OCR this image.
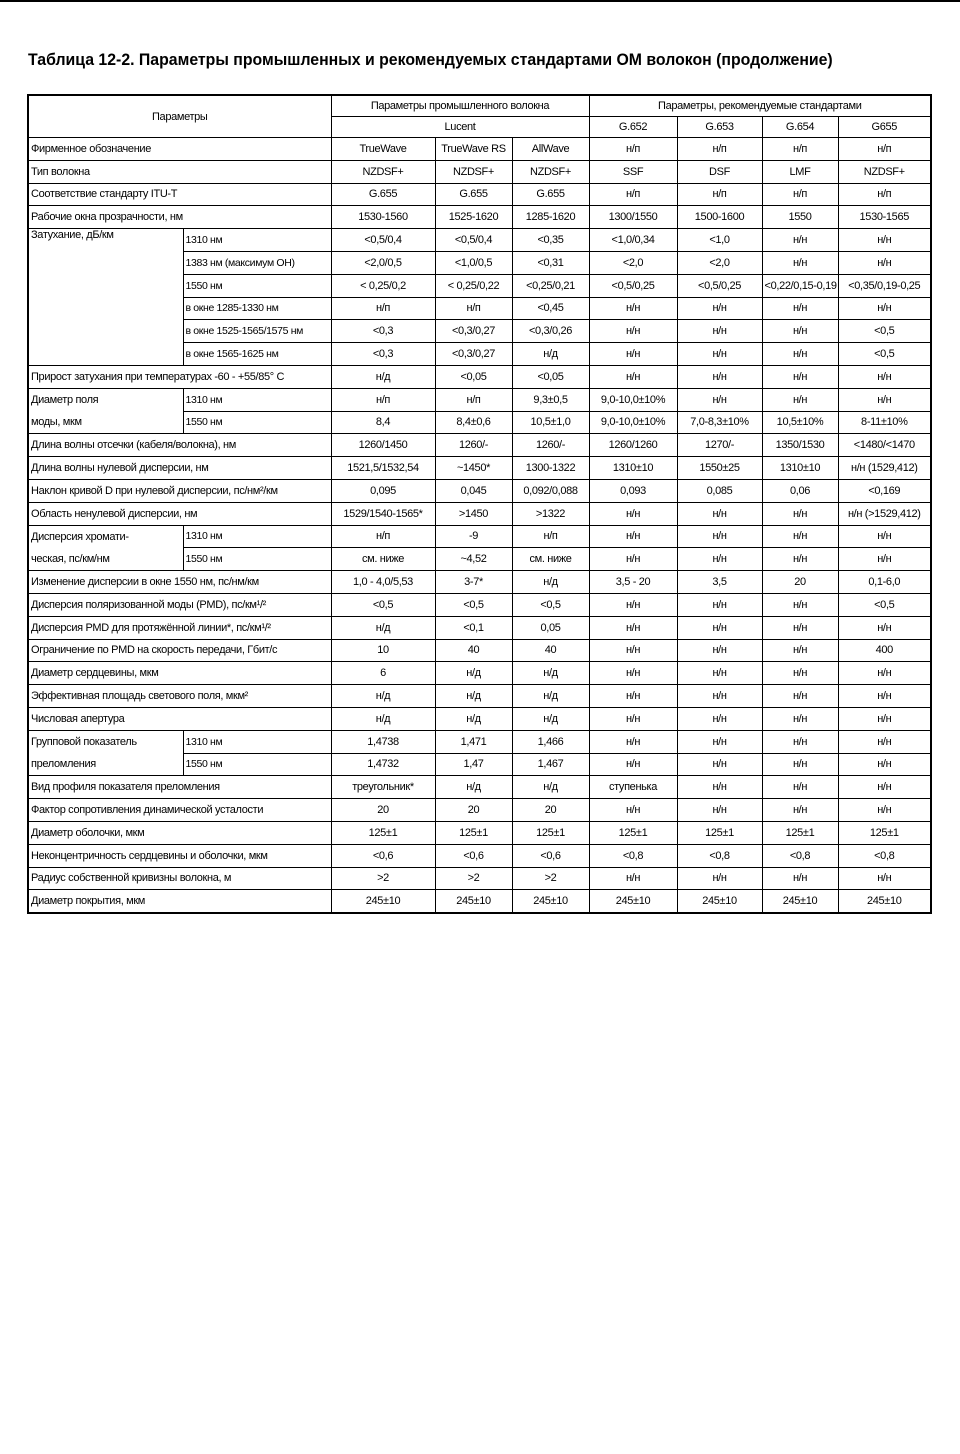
Таблица 12-2. Параметры промышленных и рекомендуемых стандартами ОМ волокон (продолжение)
Параметры		Параметры промышленного волокна			Параметры, рекомендуемые стандартами			
		Lucent			G.652	G.653	G.654	G655
Фирменное обозначение		TrueWave	TrueWave RS	AllWave	н/п	н/п	н/п	н/п
Тип волокна		NZDSF+	NZDSF+	NZDSF+	SSF	DSF	LMF	NZDSF+
Соответствие стандарту ITU-T		G.655	G.655	G.655	н/п	н/п	н/п	н/п
Рабочие окна прозрачности, нм		1530-1560	1525-1620	1285-1620	1300/1550	1500-1600	1550	1530-1565
Затухание, дБ/км	1310 нм	<0,5/0,4	<0,5/0,4	<0,35	<1,0/0,34	<1,0	н/н	н/н
	1383 нм (максимум OH)	<2,0/0,5	<1,0/0,5	<0,31	<2,0	<2,0	н/н	н/н
	1550 нм	< 0,25/0,2	< 0,25/0,22	<0,25/0,21	<0,5/0,25	<0,5/0,25	<0,22/0,15-0,19	<0,35/0,19-0,25
	в окне 1285-1330 нм	н/п	н/п	<0,45	н/н	н/н	н/н	н/н
	в окне 1525-1565/1575 нм	<0,3	<0,3/0,27	<0,3/0,26	н/н	н/н	н/н	<0,5
	в окне 1565-1625 нм	<0,3	<0,3/0,27	н/д	н/н	н/н	н/н	<0,5
Прирост затухания при температурах -60 - +55/85° C		н/д	<0,05	<0,05	н/н	н/н	н/н	н/н
Диаметр поля	1310 нм	н/п	н/п	9,3±0,5	9,0-10,0±10%	н/н	н/н	н/н
моды, мкм	1550 нм	8,4	8,4±0,6	10,5±1,0	9,0-10,0±10%	7,0-8,3±10%	10,5±10%	8-11±10%
Длина волны отсечки (кабеля/волокна), нм		1260/1450	1260/-	1260/-	1260/1260	1270/-	1350/1530	<1480/<1470
Длина волны нулевой дисперсии, нм		1521,5/1532,54	~1450*	1300-1322	1310±10	1550±25	1310±10	н/н (1529,412)
Наклон кривой D при нулевой дисперсии, пс/нм²/км		0,095	0,045	0,092/0,088	0,093	0,085	0,06	<0,169
Область ненулевой дисперсии, нм		1529/1540-1565*	>1450	>1322	н/н	н/н	н/н	н/н (>1529,412)
Дисперсия хромати-	1310 нм	н/п	-9	н/п	н/н	н/н	н/н	н/н
ческая, пс/км/нм	1550 нм	см. ниже	~4,52	см. ниже	н/н	н/н	н/н	н/н
Изменение дисперсии в окне 1550 нм, пс/нм/км		1,0 - 4,0/5,53	3-7*	н/д	3,5 - 20	3,5	20	0,1-6,0
Дисперсия поляризованной моды (PMD), пс/км¹/²		<0,5	<0,5	<0,5	н/н	н/н	н/н	<0,5
Дисперсия PMD для протяжённой линии*, пс/км¹/²		н/д	<0,1	0,05	н/н	н/н	н/н	н/н
Ограничение по PMD на скорость передачи, Гбит/с		10	40	40	н/н	н/н	н/н	400
Диаметр сердцевины, мкм		6	н/д	н/д	н/н	н/н	н/н	н/н
Эффективная площадь светового поля, мкм²		н/д	н/д	н/д	н/н	н/н	н/н	н/н
Числовая апертура		н/д	н/д	н/д	н/н	н/н	н/н	н/н
Групповой показатель	1310 нм	1,4738	1,471	1,466	н/н	н/н	н/н	н/н
преломления	1550 нм	1,4732	1,47	1,467	н/н	н/н	н/н	н/н
Вид профиля показателя преломления		треугольник*	н/д	н/д	ступенька	н/н	н/н	н/н
Фактор сопротивления динамической усталости		20	20	20	н/н	н/н	н/н	н/н
Диаметр оболочки, мкм		125±1	125±1	125±1	125±1	125±1	125±1	125±1
Неконцентричность сердцевины и оболочки, мкм		<0,6	<0,6	<0,6	<0,8	<0,8	<0,8	<0,8
Радиус собственной кривизны волокна, м		>2	>2	>2	н/н	н/н	н/н	н/н
Диаметр покрытия, мкм		245±10	245±10	245±10	245±10	245±10	245±10	245±10
